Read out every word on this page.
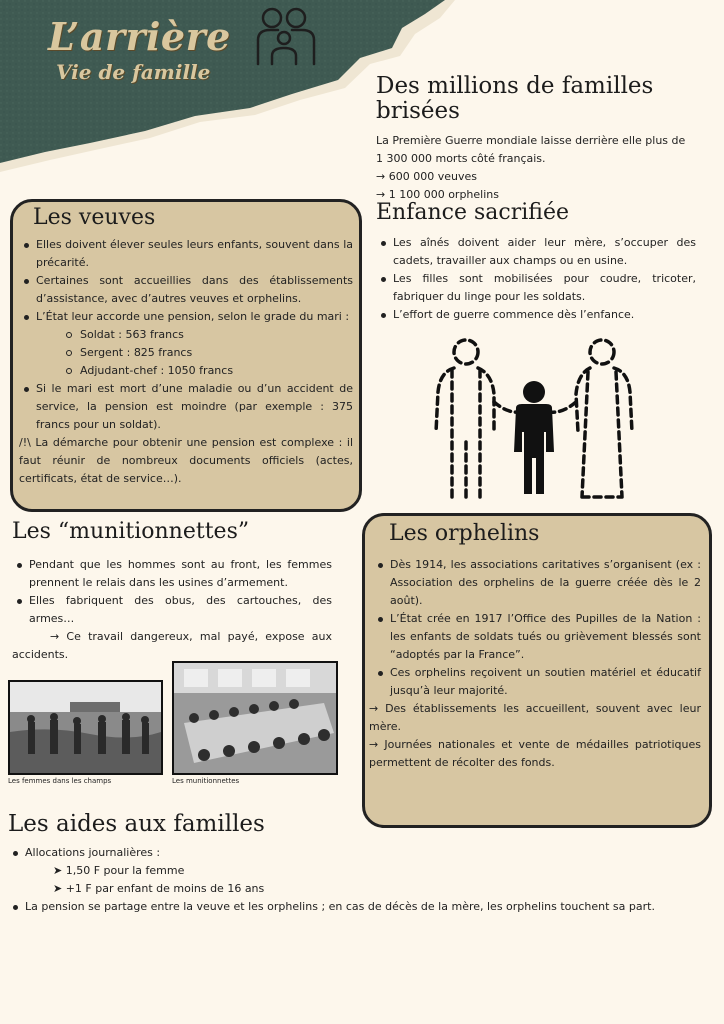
L’arrière
Vie de famille
Des millions de familles brisées
La Première Guerre mondiale laisse derrière elle plus de
1 300 000 morts côté français.
→ 600 000 veuves
→ 1 100 000 orphelins
Les veuves
Elles doivent élever seules leurs enfants, souvent dans la précarité.
Certaines sont accueillies dans des établissements d’assistance, avec d’autres veuves et orphelins.
L’État leur accorde une pension, selon le grade du mari :
Soldat : 563 francs
Sergent : 825 francs
Adjudant-chef : 1050 francs
Si le mari est mort d’une maladie ou d’un accident de service, la pension est moindre (par exemple : 375 francs pour un soldat).
/!\ La démarche pour obtenir une pension est complexe : il faut réunir de nombreux documents officiels (actes, certificats, état de service…).
Enfance sacrifiée
Les aînés doivent aider leur mère, s’occuper des cadets, travailler aux champs ou en usine.
Les filles sont mobilisées pour coudre, tricoter, fabriquer du linge pour les soldats.
L’effort de guerre commence dès l’enfance.
Les “munitionnettes”
Pendant que les hommes sont au front, les femmes prennent le relais dans les usines d’armement.
Elles fabriquent des obus, des cartouches, des armes…
→ Ce travail dangereux, mal payé, expose aux accidents.
Les femmes dans les champs	Les munitionnettes
Les orphelins
Dès 1914, les associations caritatives s’organisent (ex : Association des orphelins de la guerre créée dès le 2 août).
L’État crée en 1917 l’Office des Pupilles de la Nation : les enfants de soldats tués ou grièvement blessés sont “adoptés par la France”.
Ces orphelins reçoivent un soutien matériel et éducatif jusqu’à leur majorité.
→ Des établissements les accueillent, souvent avec leur mère.
→ Journées nationales et vente de médailles patriotiques permettent de récolter des fonds.
Les aides aux familles
Allocations journalières :
➤ 1,50 F pour la femme
➤ +1 F par enfant de moins de 16 ans
La pension se partage entre la veuve et les orphelins ; en cas de décès de la mère, les orphelins touchent sa part.
